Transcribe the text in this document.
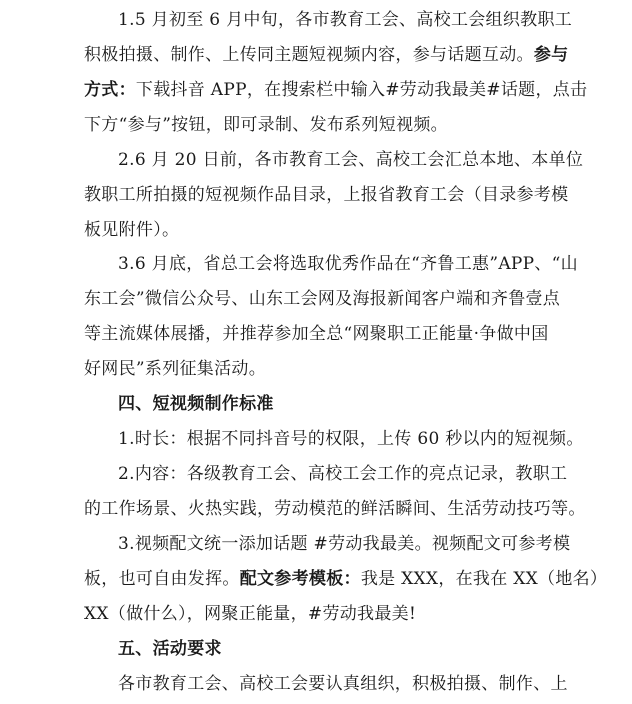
1.5 月初至 6 月中旬，各市教育工会、高校工会组织教职工
积极拍摄、制作、上传同主题短视频内容，参与话题互动。参与
方式：下载抖音 APP，在搜索栏中输入#劳动我最美#话题，点击
下方“参与”按钮，即可录制、发布系列短视频。
2.6 月 20 日前，各市教育工会、高校工会汇总本地、本单位
教职工所拍摄的短视频作品目录，上报省教育工会（目录参考模
板见附件）。
3.6 月底，省总工会将选取优秀作品在“齐鲁工惠”APP、“山
东工会”微信公众号、山东工会网及海报新闻客户端和齐鲁壹点
等主流媒体展播，并推荐参加全总“网聚职工正能量·争做中国
好网民”系列征集活动。
四、短视频制作标准
1.时长：根据不同抖音号的权限，上传 60 秒以内的短视频。
2.内容：各级教育工会、高校工会工作的亮点记录，教职工
的工作场景、火热实践，劳动模范的鲜活瞬间、生活劳动技巧等。
3.视频配文统一添加话题 #劳动我最美。视频配文可参考模
板，也可自由发挥。配文参考模板：我是 XXX，在我在 XX（地名）
XX（做什么），网聚正能量，#劳动我最美!
五、活动要求
各市教育工会、高校工会要认真组织，积极拍摄、制作、上
